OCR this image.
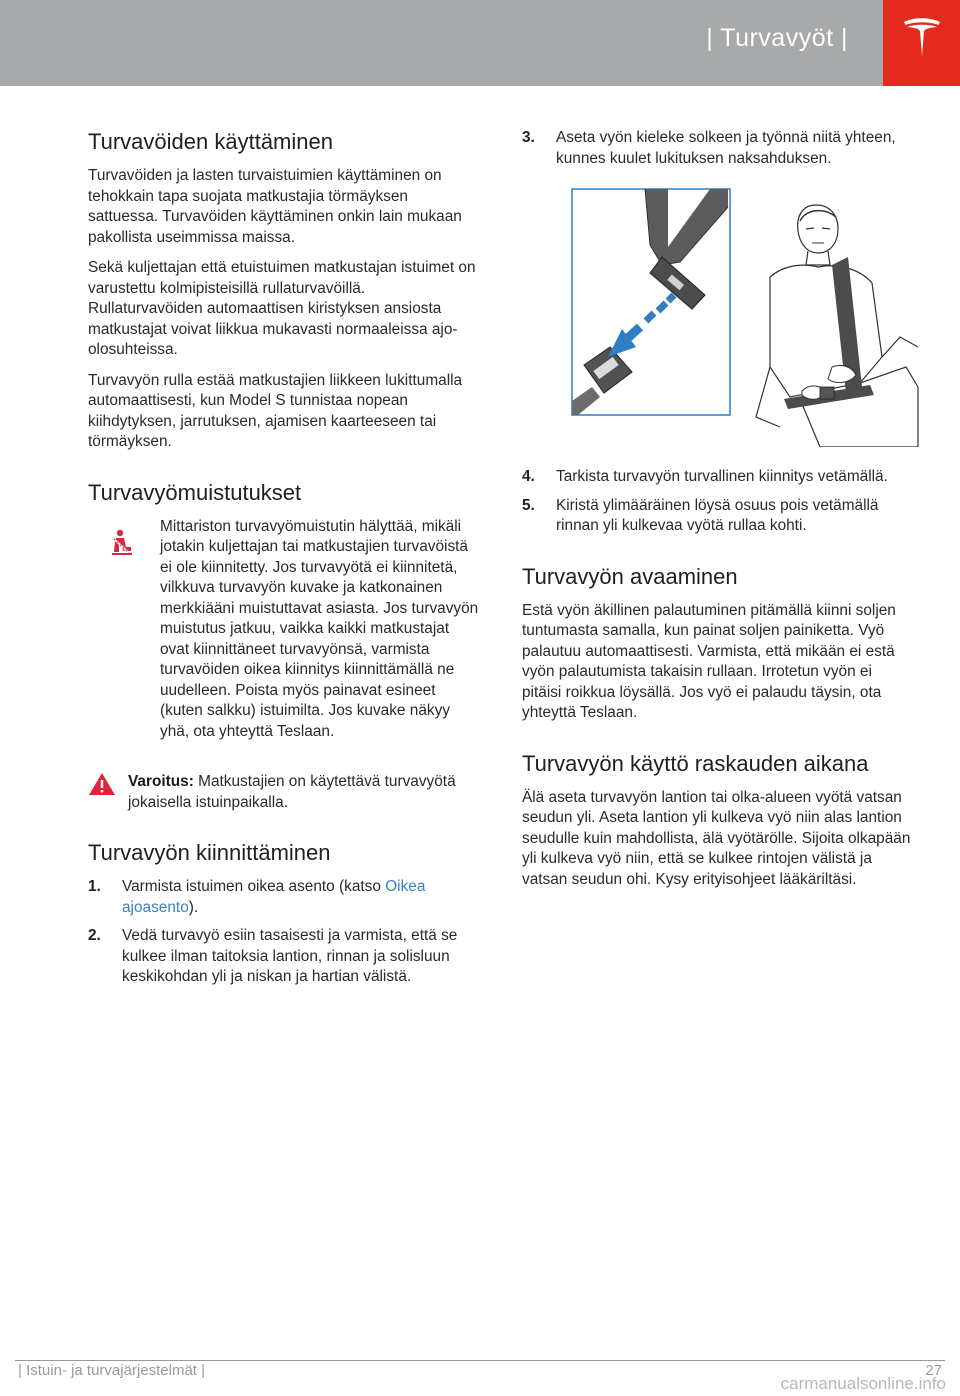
| Turvavyöt |
Turvavöiden käyttäminen

Turvavöiden ja lasten turvaistuimien käyttäminen on tehokkain tapa suojata matkustajia törmäyksen sattuessa. Turvavöiden käyttäminen onkin lain mukaan pakollista useimmissa maissa.

Sekä kuljettajan että etuistuimen matkustajan istuimet on varustettu kolmipisteisillä rullaturvavöillä. Rullaturvavöiden automaattisen kiristyksen ansiosta matkustajat voivat liikkua mukavasti normaaleissa ajo-olosuhteissa.

Turvavyön rulla estää matkustajien liikkeen lukittumalla automaattisesti, kun Model S tunnistaa nopean kiihdytyksen, jarrutuksen, ajamisen kaarteeseen tai törmäyksen.

Turvavyömuistutukset

Mittariston turvavyömuistutin hälyttää, mikäli jotakin kuljettajan tai matkustajien turvavöistä ei ole kiinnitetty. Jos turvavyötä ei kiinnitetä, vilkkuva turvavyön kuvake ja katkonainen merkkiääni muistuttavat asiasta. Jos turvavyön muistutus jatkuu, vaikka kaikki matkustajat ovat kiinnittäneet turvavyönsä, varmista turvavöiden oikea kiinnitys kiinnittämällä ne uudelleen. Poista myös painavat esineet (kuten salkku) istuimilta. Jos kuvake näkyy yhä, ota yhteyttä Teslaan.

Varoitus: Matkustajien on käytettävä turvavyötä jokaisella istuinpaikalla.

Turvavyön kiinnittäminen
1. Varmista istuimen oikea asento (katso Oikea ajoasento).

2. Vedä turvavyö esiin tasaisesti ja varmista, että se kulkee ilman taitoksia lantion, rinnan ja solisluun keskikohdan yli ja niskan ja hartian välistä.

3. Aseta vyön kieleke solkeen ja työnnä niitä yhteen, kunnes kuulet lukituksen naksahduksen.

4. Tarkista turvavyön turvallinen kiinnitys vetämällä.

5. Kiristä ylimääräinen löysä osuus pois vetämällä rinnan yli kulkevaa vyötä rullaa kohti.

Turvavyön avaaminen

Estä vyön äkillinen palautuminen pitämällä kiinni soljen tuntumasta samalla, kun painat soljen painiketta. Vyö palautuu automaattisesti. Varmista, että mikään ei estä vyön palautumista takaisin rullaan. Irrotetun vyön ei pitäisi roikkua löysällä. Jos vyö ei palaudu täysin, ota yhteyttä Teslaan.

Turvavyön käyttö raskauden aikana

Älä aseta turvavyön lantion tai olka-alueen vyötä vatsan seudun yli. Aseta lantion yli kulkeva vyö niin alas lantion seudulle kuin mahdollista, älä vyötärölle. Sijoita olkapään yli kulkeva vyö niin, että se kulkee rintojen välistä ja vatsan seudun ohi. Kysy erityisohjeet lääkäriltäsi.

| Istuin- ja turvajärjestelmät |	27
carmanualsonline.info
